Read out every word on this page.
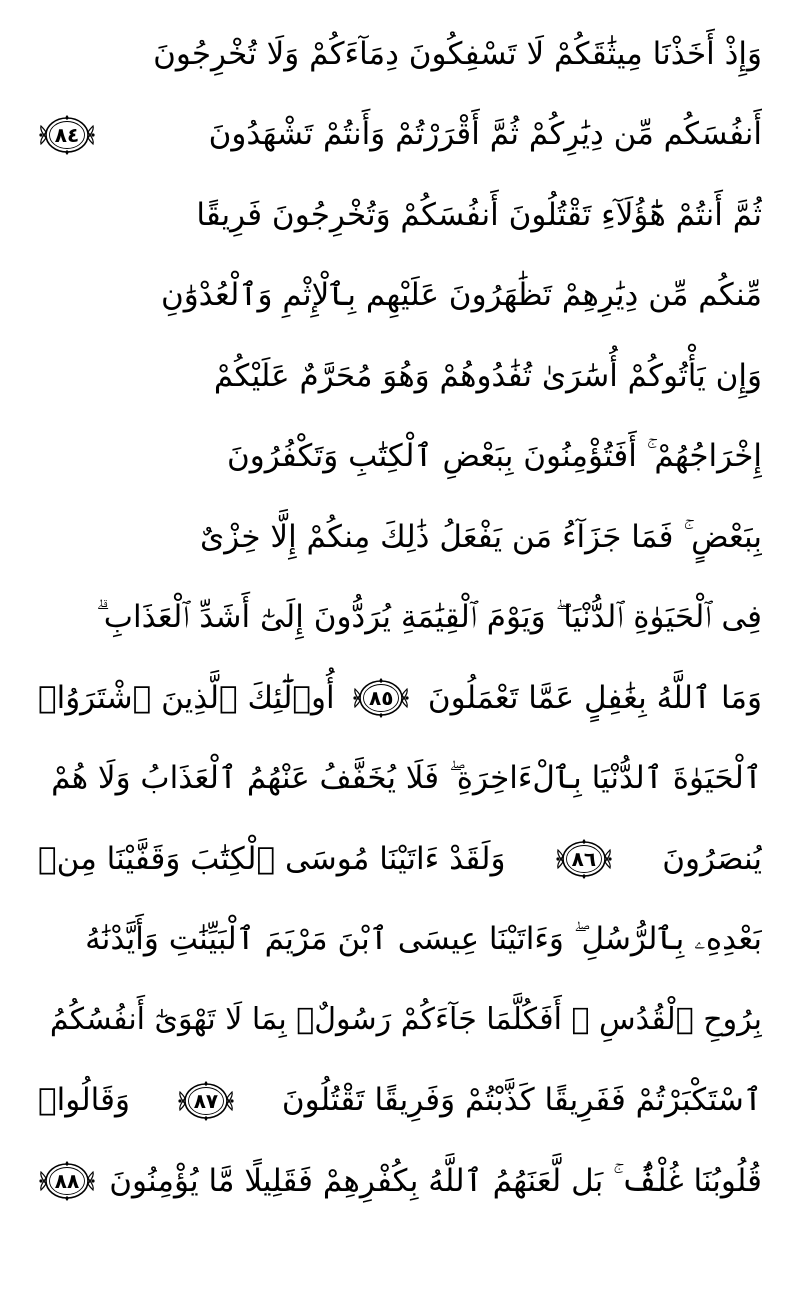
وَإِذْ أَخَذْنَا مِيثَٰقَكُمْ لَا تَسْفِكُونَ دِمَآءَكُمْ وَلَا تُخْرِجُونَ
أَنفُسَكُم مِّن دِيَٰرِكُمْ ثُمَّ أَقْرَرْتُمْ وَأَنتُمْ تَشْهَدُونَ
٨٤
ثُمَّ أَنتُمْ هَٰٓؤُلَآءِ تَقْتُلُونَ أَنفُسَكُمْ وَتُخْرِجُونَ فَرِيقًا
مِّنكُم مِّن دِيَٰرِهِمْ تَظَٰهَرُونَ عَلَيْهِم بِٱلْإِثْمِ وَٱلْعُدْوَٰنِ
وَإِن يَأْتُوكُمْ أُسَٰرَىٰ تُفَٰدُوهُمْ وَهُوَ مُحَرَّمٌ عَلَيْكُمْ
إِخْرَاجُهُمْ ۚ أَفَتُؤْمِنُونَ بِبَعْضِ ٱلْكِتَٰبِ وَتَكْفُرُونَ
بِبَعْضٍ ۚ فَمَا جَزَآءُ مَن يَفْعَلُ ذَٰلِكَ مِنكُمْ إِلَّا خِزْىٌ
فِى ٱلْحَيَوٰةِ ٱلدُّنْيَا ۖ وَيَوْمَ ٱلْقِيَٰمَةِ يُرَدُّونَ إِلَىٰٓ أَشَدِّ ٱلْعَذَابِ ۗ
وَمَا ٱللَّهُ بِغَٰفِلٍ عَمَّا تَعْمَلُونَ
٨٥
أُو۟لَٰٓئِكَ ٱلَّذِينَ ٱشْتَرَوُا۟
ٱلْحَيَوٰةَ ٱلدُّنْيَا بِٱلْءَاخِرَةِ ۖ فَلَا يُخَفَّفُ عَنْهُمُ ٱلْعَذَابُ وَلَا هُمْ
يُنصَرُونَ
٨٦
وَلَقَدْ ءَاتَيْنَا مُوسَى ٱلْكِتَٰبَ وَقَفَّيْنَا مِنۢ
بَعْدِهِۦ بِٱلرُّسُلِ ۖ وَءَاتَيْنَا عِيسَى ٱبْنَ مَرْيَمَ ٱلْبَيِّنَٰتِ وَأَيَّدْنَٰهُ
بِرُوحِ ٱلْقُدُسِ ۗ أَفَكُلَّمَا جَآءَكُمْ رَسُولٌۢ بِمَا لَا تَهْوَىٰٓ أَنفُسُكُمُ
ٱسْتَكْبَرْتُمْ فَفَرِيقًا كَذَّبْتُمْ وَفَرِيقًا تَقْتُلُونَ
٨٧
وَقَالُوا۟
قُلُوبُنَا غُلْفٌۢ ۚ بَل لَّعَنَهُمُ ٱللَّهُ بِكُفْرِهِمْ فَقَلِيلًا مَّا يُؤْمِنُونَ
٨٨
